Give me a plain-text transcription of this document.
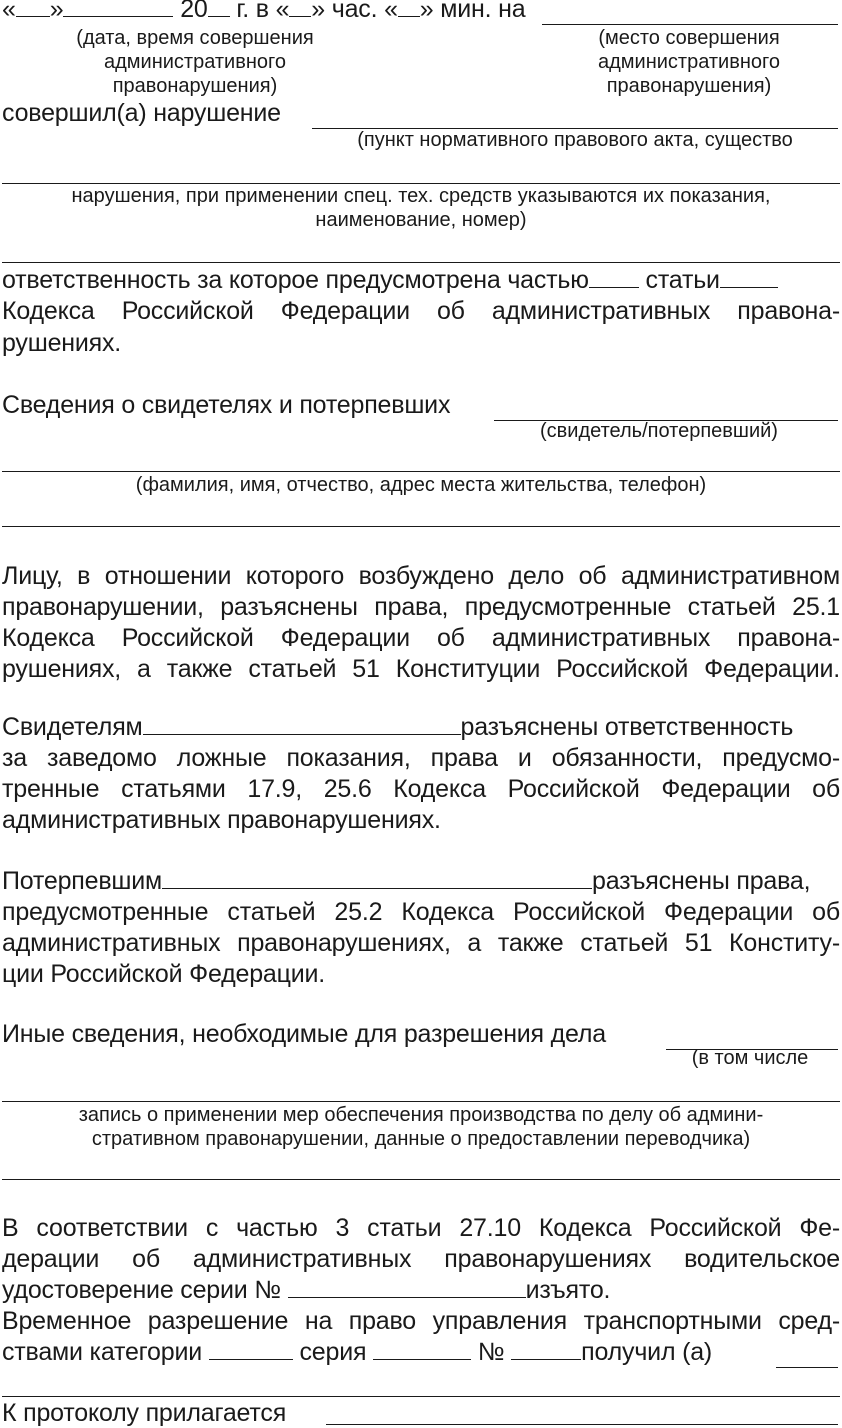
« »	20 г. в « » час. « » мин. на
(дата, время совершения
административного
правонарушения)
(место совершения
административного
правонарушения)
совершил(а) нарушение
(пункт нормативного правового акта, существо
нарушения, при применении спец. тех. средств указываются их показания,
наименование, номер)
ответственность за которое предусмотрена частью статьи
Кодекса Российской Федерации об административных правона-
рушениях.
Сведения о свидетелях и потерпевших
(свидетель/потерпевший)
(фамилия, имя, отчество, адрес места жительства, телефон)
Лицу, в отношении которого возбуждено дело об административном
правонарушении, разъяснены права, предусмотренные статьей 25.1
Кодекса Российской Федерации об административных правона-
рушениях, а также статьей 51 Конституции Российской Федерации.
Свидетелям	разъяснены ответственность
за заведомо ложные показания, права и обязанности, предусмо-
тренные статьями 17.9, 25.6 Кодекса Российской Федерации об
административных правонарушениях.
Потерпевшим	разъяснены права,
предусмотренные статьей 25.2 Кодекса Российской Федерации об
административных правонарушениях, а также статьей 51 Конститу-
ции Российской Федерации.
Иные сведения, необходимые для разрешения дела
(в том числе
запись о применении мер обеспечения производства по делу об админи-
стративном правонарушении, данные о предоставлении переводчика)
В соответствии с частью 3 статьи 27.10 Кодекса Российской Фе-
дерации об административных правонарушениях водительское
удостоверение серии №	изъято.
Временное разрешение на право управления транспортными сред-
ствами категории	серия	№	получил (а)
К протоколу прилагается
